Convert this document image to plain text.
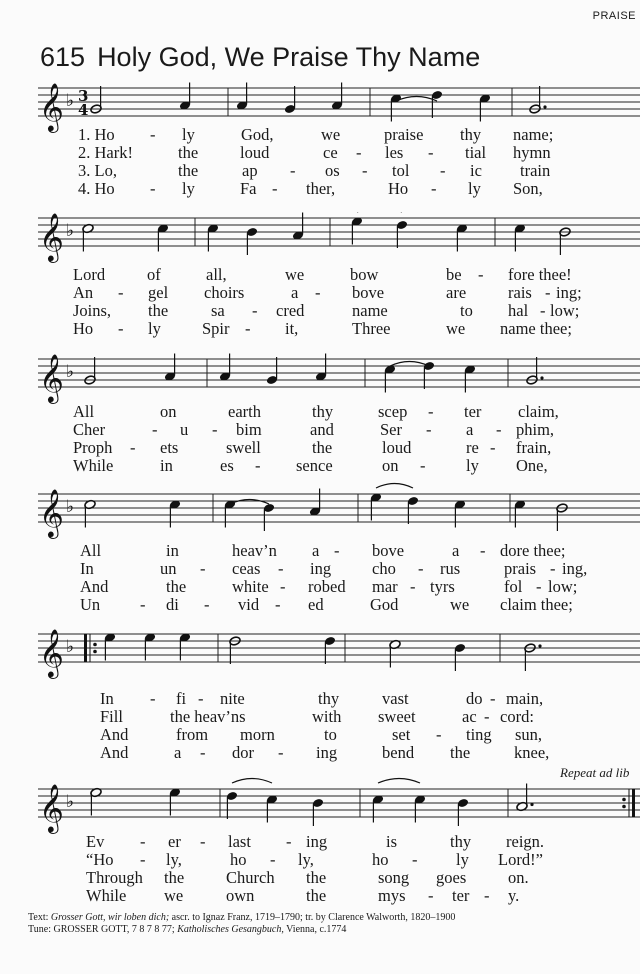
PRAISE
615 Holy God, We Praise Thy Name
𝄞 ♭ 3
4
1. Ho - ly	God,	we	praise thy name;
2. Hark!	the	loud	ce - les - tial hymn
3. Lo,	the	ap - os - tol - ic train
4. Ho - ly	Fa - ther,	Ho - ly Son,
𝄞 ♭
Lord	of	all,	we	bow	be - fore thee!
An - gel choirs	a - bove	are	rais - ing;
Joins, the	sa - cred	name	to hal - low;
Ho - ly Spir - it,	Three	we name thee;
𝄞 ♭
All	on	earth	thy	scep - ter claim,
Cher	- u - bim	and	Ser - a - phim,
Proph - ets	swell	the	loud	re - frain,
While	in	es - sence	on - ly One,
𝄞 ♭
All	in	heav’n a - bove	a - dore thee;
In	un - ceas - ing cho - rus	prais - ing,
And	the	white - robed mar - tyrs	fol - low;
Un - di - vid - ed	God	we claim thee;
𝄞 ♭
In - fi - nite	thy	vast	do - main,
Fill	the heav’ns	with sweet	ac - cord:
And	from morn	to	set - ting sun,
And	a - dor - ing	bend the	knee,
Repeat ad lib
𝄞 ♭
Ev - er - last - ing	is	thy reign.
“Ho - ly,	ho - ly,	ho - ly Lord!”
Through the	Church the	song goes	on.
While we	own	the	mys - ter - y.
Text: Grosser Gott, wir loben dich; ascr. to Ignaz Franz, 1719–1790; tr. by Clarence Walworth, 1820–1900
Tune: GROSSER GOTT, 7 8 7 8 77; Katholisches Gesangbuch, Vienna, c.1774
